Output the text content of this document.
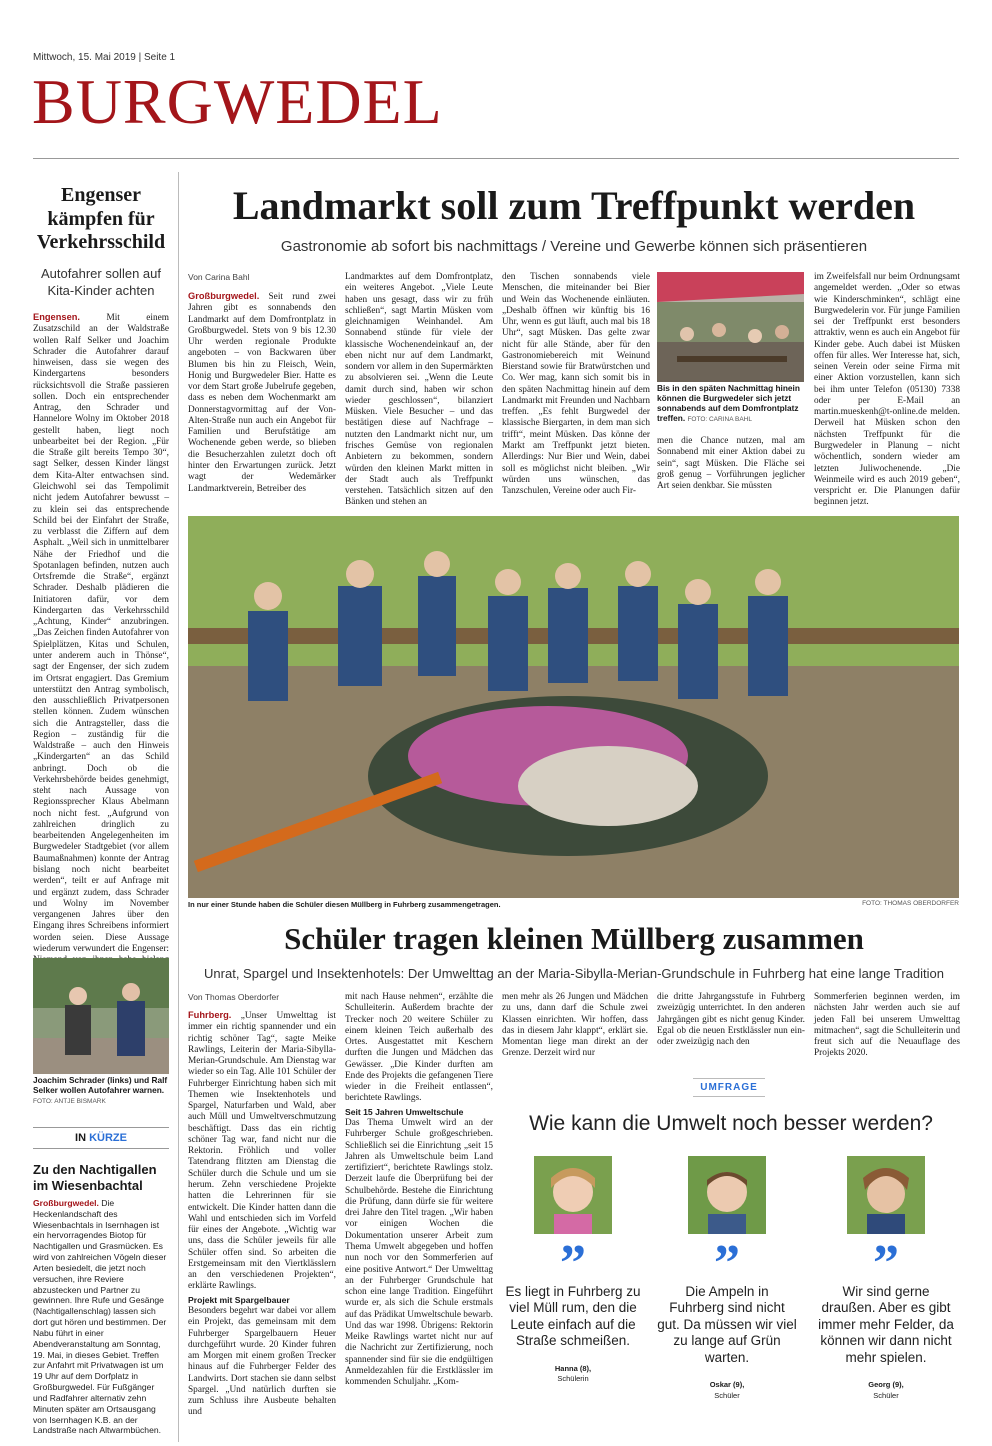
Mittwoch, 15. Mai 2019 | Seite 1
BURGWEDEL
Engenser kämpfen für Verkehrsschild
Autofahrer sollen auf Kita-Kinder achten
Engensen.	Mit einem Zusatzschild an der Waldstraße wollen Ralf Selker und Joachim Schrader die Autofahrer darauf hinweisen, dass sie wegen des Kindergartens besonders rücksichtsvoll die Straße passieren sollen. Doch ein entsprechender Antrag, den Schrader und Hannelore Wolny im Oktober 2018 gestellt haben, liegt noch unbearbeitet bei der Region. „Für die Straße gilt bereits Tempo 30“, sagt Selker, dessen Kinder längst dem Kita-Alter entwachsen sind. Gleichwohl sei das Tempolimit nicht jedem Autofahrer bewusst – zu klein sei das entsprechende Schild bei der Einfahrt der Straße, zu verblasst die Ziffern auf dem Asphalt. „Weil sich in unmittelbarer Nähe der Friedhof und die Spotanlagen befinden, nutzen auch Ortsfremde die Straße“, ergänzt Schrader. Deshalb plädieren die Initiatoren dafür, vor dem Kindergarten das Verkehrsschild „Achtung, Kinder“ anzubringen. „Das Zeichen finden Autofahrer von Spielplätzen, Kitas und Schulen, unter anderem auch in Thönse“, sagt der Engenser, der sich zudem im Ortsrat engagiert. Das Gremium unterstützt den Antrag symbolisch, den ausschließlich Privatpersonen stellen können. Zudem wünschen sich die Antragsteller, dass die Region – zuständig für die Waldstraße – auch den Hinweis „Kindergarten“ an das Schild anbringt. Doch ob die Verkehrsbehörde beides genehmigt, steht nach Aussage von Regionssprecher Klaus Abelmann noch nicht fest. „Aufgrund von zahlreichen dringlich zu bearbeitenden Angelegenheiten im Burgwedeler Stadtgebiet (vor allem Baumaßnahmen) konnte der Antrag bislang noch nicht bearbeitet werden“, teilt er auf Anfrage mit und ergänzt zudem, dass Schrader und Wolny im November vergangenen Jahres über den Eingang ihres Schreibens informiert worden seien. Diese Aussage wiederum verwundert die Engenser:
Joachim Schrader (links) und Ralf Selker wollen Autofahrer warnen. FOTO: ANTJE BISMARK
IN KÜRZE
Zu den Nachtigallen im Wiesenbachtal
Großburgwedel. Die Heckenlandschaft des Wiesenbachtals in Isernhagen ist ein hervorragendes Biotop für Nachtigallen und Grasmücken. Es wird von zahlreichen Vögeln dieser Arten besiedelt, die jetzt noch versuchen, ihre Reviere abzustecken und Partner zu gewinnen. Ihre Rufe und Gesänge (Nachtigallenschlag) lassen sich dort gut hören und bestimmen. Der Nabu führt in einer Abendveranstaltung am Sonntag, 19. Mai, in dieses Gebiet. Treffen zur Anfahrt mit Privatwagen ist um 19 Uhr auf dem Dorfplatz in Großburgwedel. Für Fußgänger und Radfahrer alternativ zehn Minuten später am Ortsausgang von Isernhagen K.B. an der Landstraße nach Altwarmbüchen.
Landmarkt soll zum Treffpunkt werden
Gastronomie ab sofort bis nachmittags / Vereine und Gewerbe können sich präsentieren
Von Carina Bahl
Großburgwedel. Seit rund zwei Jahren gibt es sonnabends den Landmarkt auf dem Domfrontplatz in Großburgwedel. Stets von 9 bis 12.30 Uhr werden regionale Produkte angeboten – von Backwaren über Blumen bis hin zu Fleisch, Wein, Honig und Burgwedeler Bier. Hatte es vor dem Start große Jubelrufe gegeben, dass es neben dem Wochenmarkt am Donnerstagvormittag auf der Von-Alten-Straße nun auch ein Angebot für Familien und Berufstätige am Wochenende geben werde, so blieben die Besucherzahlen zuletzt doch oft hinter den Erwartungen zurück. Jetzt wagt der Wedemärker Landmarktverein, Betreiber des
Landmarktes auf dem Domfrontplatz, ein weiteres Angebot. „Viele Leute haben uns gesagt, dass wir zu früh schließen“, sagt Martin Müsken vom gleichnamigen Weinhandel. Am Sonnabend stünde für viele der klassische Wochenendeinkauf an, der eben nicht nur auf dem Landmarkt, sondern vor allem in den Supermärkten zu absolvieren sei. „Wenn die Leute damit durch sind, haben wir schon wieder geschlossen“, bilanziert Müsken. Viele Besucher – und das bestätigen diese auf Nachfrage – nutzten den Landmarkt nicht nur, um frisches Gemüse von regionalen Anbietern zu bekommen, sondern würden den kleinen Markt mitten in der Stadt auch als Treffpunkt verstehen. Tatsächlich sitzen auf den Bänken und stehen an
den Tischen sonnabends viele Menschen, die miteinander bei Bier und Wein das Wochenende einläuten. „Deshalb öffnen wir künftig bis 16 Uhr, wenn es gut läuft, auch mal bis 18 Uhr“, sagt Müsken. Das gelte zwar nicht für alle Stände, aber für den Gastronomiebereich mit Weinund Bierstand sowie für Bratwürstchen und Co. Wer mag, kann sich somit bis in den späten Nachmittag hinein auf dem Landmarkt mit Freunden und Nachbarn treffen. „Es fehlt Burgwedel der klassische Biergarten, in dem man sich trifft“, meint Müsken. Das könne der Markt am Treffpunkt jetzt bieten. Allerdings: Nur Bier und Wein, dabei soll es möglichst nicht bleiben. „Wir würden uns wünschen, das Tanzschulen, Vereine oder auch Fir-
Bis in den späten Nachmittag hinein können die Burgwedeler sich jetzt sonnabends auf dem Domfrontplatz treffen. FOTO: CARINA BAHL
men die Chance nutzen, mal am Sonnabend mit einer Aktion dabei zu sein“, sagt Müsken. Die Fläche sei groß genug – Vorführungen jeglicher Art seien denkbar. Sie müssten
im Zweifelsfall nur beim Ordnungsamt angemeldet werden. „Oder so etwas wie Kinderschminken“, schlägt eine Burgwedelerin vor. Für junge Familien sei der Treffpunkt erst besonders attraktiv, wenn es auch ein Angebot für Kinder gebe. Auch dabei ist Müsken offen für alles. Wer Interesse hat, sich, seinen Verein oder seine Firma mit einer Aktion vorzustellen, kann sich bei ihm unter Telefon (05130) 7338 oder per E-Mail an martin.mueskenh@t-online.de melden. Derweil hat Müsken schon den nächsten Treffpunkt für die Burgwedeler in Planung – nicht wöchentlich, sondern wieder am letzten Juliwochenende. „Die Weinmeile wird es auch 2019 geben“, verspricht er. Die Planungen dafür beginnen jetzt.
In nur einer Stunde haben die Schüler diesen Müllberg in Fuhrberg zusammengetragen.	FOTO: THOMAS OBERDORFER
Schüler tragen kleinen Müllberg zusammen
Unrat, Spargel und Insektenhotels: Der Umwelttag an der Maria-Sibylla-Merian-Grundschule in Fuhrberg hat eine lange Tradition
Von Thomas Oberdorfer
Fuhrberg. „Unser Umwelttag ist immer ein richtig spannender und ein richtig schöner Tag“, sagte Meike Rawlings, Leiterin der Maria-Sibylla-Merian-Grundschule. Am Dienstag war wieder so ein Tag. Alle 101 Schüler der Fuhrberger Einrichtung haben sich mit Themen wie Insektenhotels und Spargel, Naturfarben und Wald, aber auch Müll und Umweltverschmutzung beschäftigt. Dass das ein richtig schöner Tag war, fand nicht nur die Rektorin. Fröhlich und voller Tatendrang flitzten am Dienstag die Schüler durch die Schule und um sie herum. Zehn verschiedene Projekte hatten die Lehrerinnen für sie entwickelt. Die Kinder hatten dann die Wahl und entschieden sich im Vorfeld für eines der Angebote. „Wichtig war uns, dass die Schüler jeweils für alle Schüler offen sind. So arbeiten die Erstgemeinsam mit den Viertklässlern an den verschiedenen Projekten“, erklärte Rawlings.
Projekt mit Spargelbauer
Besonders begehrt war dabei vor allem ein Projekt, das gemeinsam mit dem Fuhrberger Spargelbauern Heuer durchgeführt wurde. 20 Kinder fuhren am Morgen mit einem großen Trecker hinaus auf die Fuhrberger Felder des Landwirts. Dort stachen sie dann selbst Spargel. „Und natürlich durften sie zum Schluss ihre Ausbeute behalten und
mit nach Hause nehmen“, erzählte die Schulleiterin. Außerdem brachte der Trecker noch 20 weitere Schüler zu einem kleinen Teich außerhalb des Ortes. Ausgestattet mit Keschern durften die Jungen und Mädchen das Gewässer. „Die Kinder durften am Ende des Projekts die gefangenen Tiere wieder in die Freiheit entlassen“, berichtete Rawlings.
Seit 15 Jahren Umweltschule
Das Thema Umwelt wird an der Fuhrberger Schule großgeschrieben. Schließlich sei die Einrichtung „seit 15 Jahren als Umweltschule beim Land zertifiziert“, berichtete Rawlings stolz. Derzeit laufe die Überprüfung bei der Schulbehörde. Bestehe die Einrichtung die Prüfung, dann dürfe sie für weitere drei Jahre den Titel tragen. „Wir haben vor einigen Wochen die Dokumentation unserer Arbeit zum Thema Umwelt abgegeben und hoffen nun noch vor den Sommerferien auf eine positive Antwort.“ Der Umwelttag an der Fuhrberger Grundschule hat schon eine lange Tradition. Eingeführt wurde er, als sich die Schule erstmals auf das Prädikat Umweltschule bewarb. Und das war 1998. Übrigens: Rektorin Meike Rawlings wartet nicht nur auf die Nachricht zur Zertifizierung, noch spannender sind für sie die endgültigen Anmeldezahlen für die Erstklässler im kommenden Schuljahr. „Kom-
men mehr als 26 Jungen und Mädchen zu uns, dann darf die Schule zwei Klassen einrichten. Wir hoffen, dass das in diesem Jahr klappt“, erklärt sie. Momentan liege man direkt an der Grenze. Derzeit wird nur
die dritte Jahrgangsstufe in Fuhrberg zweizügig unterrichtet. In den anderen Jahrgängen gibt es nicht genug Kinder. Egal ob die neuen Erstklässler nun ein- oder zweizügig nach den
Sommerferien beginnen werden, im nächsten Jahr werden auch sie auf jeden Fall bei unserem Umwelttag mitmachen“, sagt die Schulleiterin und freut sich auf die Neuauflage des Projekts 2020.
UMFRAGE
Wie kann die Umwelt noch besser werden?
”
Es liegt in Fuhrberg zu viel Müll rum, den die Leute einfach auf die Straße schmeißen.
Hanna (8),
Schülerin
”
Die Ampeln in Fuhrberg sind nicht gut. Da müssen wir viel zu lange auf Grün warten.
Oskar (9),
Schüler
”
Wir sind gerne draußen. Aber es gibt immer mehr Felder, da können wir dann nicht mehr spielen.
Georg (9),
Schüler
